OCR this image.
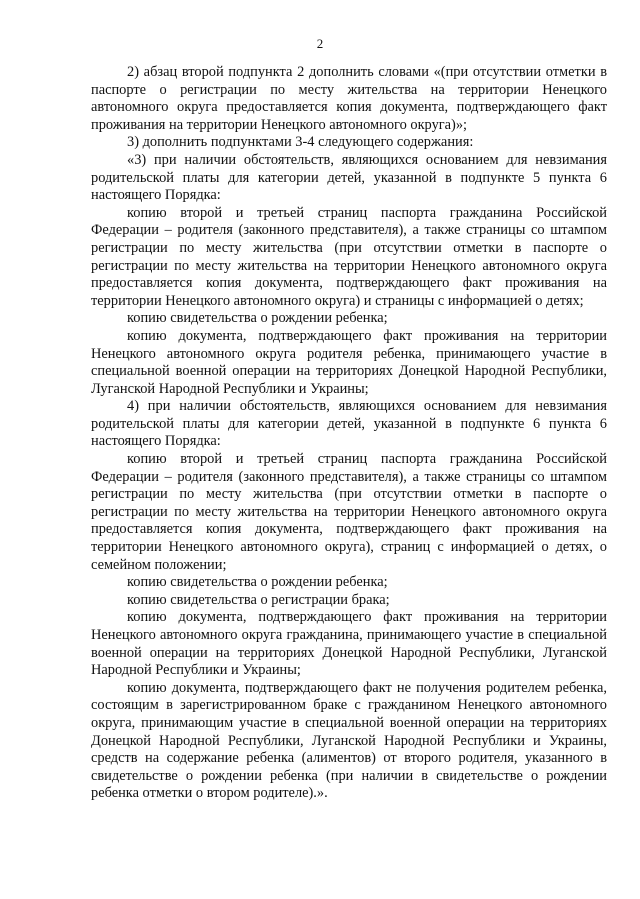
2

2) абзац второй подпункта 2 дополнить словами «(при отсутствии отметки в паспорте о регистрации по месту жительства на территории Ненецкого автономного округа предоставляется копия документа, подтверждающего факт проживания на территории Ненецкого автономного округа)»;

3) дополнить подпунктами 3-4 следующего содержания:

«3) при наличии обстоятельств, являющихся основанием для невзимания родительской платы для категории детей, указанной в подпункте 5 пункта 6 настоящего Порядка:

копию второй и третьей страниц паспорта гражданина Российской Федерации – родителя (законного представителя), а также страницы со штампом регистрации по месту жительства (при отсутствии отметки в паспорте о регистрации по месту жительства на территории Ненецкого автономного округа предоставляется копия документа, подтверждающего факт проживания на территории Ненецкого автономного округа) и страницы с информацией о детях;

копию свидетельства о рождении ребенка;

копию документа, подтверждающего факт проживания на территории Ненецкого автономного округа родителя ребенка, принимающего участие в специальной военной операции на территориях Донецкой Народной Республики, Луганской Народной Республики и Украины;

4) при наличии обстоятельств, являющихся основанием для невзимания родительской платы для категории детей, указанной в подпункте 6 пункта 6 настоящего Порядка:

копию второй и третьей страниц паспорта гражданина Российской Федерации – родителя (законного представителя), а также страницы со штампом регистрации по месту жительства (при отсутствии отметки в паспорте о регистрации по месту жительства на территории Ненецкого автономного округа предоставляется копия документа, подтверждающего факт проживания на территории Ненецкого автономного округа), страниц с информацией о детях, о семейном положении;

копию свидетельства о рождении ребенка;

копию свидетельства о регистрации брака;

копию документа, подтверждающего факт проживания на территории Ненецкого автономного округа гражданина, принимающего участие в специальной военной операции на территориях Донецкой Народной Республики, Луганской Народной Республики и Украины;

копию документа, подтверждающего факт не получения родителем ребенка, состоящим в зарегистрированном браке с гражданином Ненецкого автономного округа, принимающим участие в специальной военной операции на территориях Донецкой Народной Республики, Луганской Народной Республики и Украины, средств на содержание ребенка (алиментов) от второго родителя, указанного в свидетельстве о рождении ребенка (при наличии в свидетельстве о рождении ребенка отметки о втором родителе).».
